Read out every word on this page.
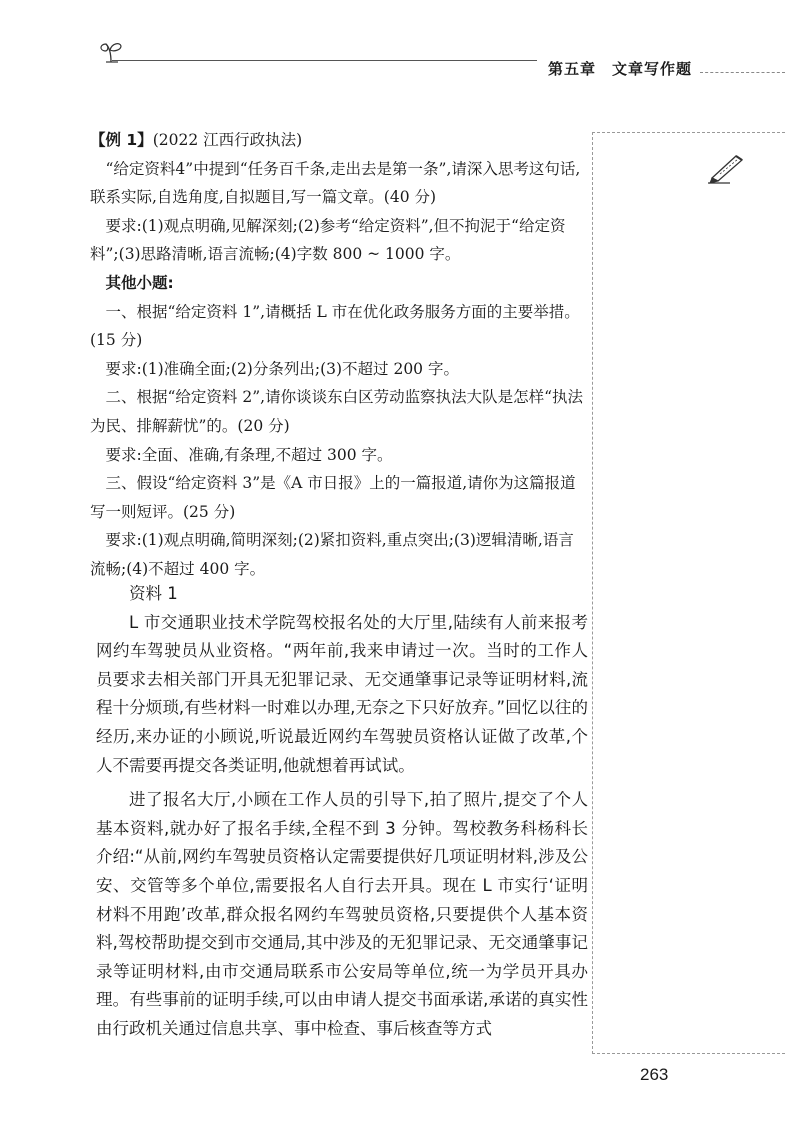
第五章 文章写作题

【例 1】(2022 江西行政执法)

“给定资料4”中提到“任务百千条,走出去是第一条”,请深入思考这句话,联系实际,自选角度,自拟题目,写一篇文章。(40 分)

要求:(1)观点明确,见解深刻;(2)参考“给定资料”,但不拘泥于“给定资料”;(3)思路清晰,语言流畅;(4)字数 800 ~ 1000 字。

其他小题:

一、根据“给定资料 1”,请概括 L 市在优化政务服务方面的主要举措。(15 分)

要求:(1)准确全面;(2)分条列出;(3)不超过 200 字。

二、根据“给定资料 2”,请你谈谈东白区劳动监察执法大队是怎样“执法为民、排解薪忧”的。(20 分)

要求:全面、准确,有条理,不超过 300 字。

三、假设“给定资料 3”是《A 市日报》上的一篇报道,请你为这篇报道写一则短评。(25 分)

要求:(1)观点明确,简明深刻;(2)紧扣资料,重点突出;(3)逻辑清晰,语言流畅;(4)不超过 400 字。

资料 1

L 市交通职业技术学院驾校报名处的大厅里,陆续有人前来报考网约车驾驶员从业资格。“两年前,我来申请过一次。当时的工作人员要求去相关部门开具无犯罪记录、无交通肇事记录等证明材料,流程十分烦琐,有些材料一时难以办理,无奈之下只好放弃。”回忆以往的经历,来办证的小顾说,听说最近网约车驾驶员资格认证做了改革,个人不需要再提交各类证明,他就想着再试试。

进了报名大厅,小顾在工作人员的引导下,拍了照片,提交了个人基本资料,就办好了报名手续,全程不到 3 分钟。驾校教务科杨科长介绍:“从前,网约车驾驶员资格认定需要提供好几项证明材料,涉及公安、交管等多个单位,需要报名人自行去开具。现在 L 市实行‘证明材料不用跑’改革,群众报名网约车驾驶员资格,只要提供个人基本资料,驾校帮助提交到市交通局,其中涉及的无犯罪记录、无交通肇事记录等证明材料,由市交通局联系市公安局等单位,统一为学员开具办理。有些事前的证明手续,可以由申请人提交书面承诺,承诺的真实性由行政机关通过信息共享、事中检查、事后核查等方式

263
